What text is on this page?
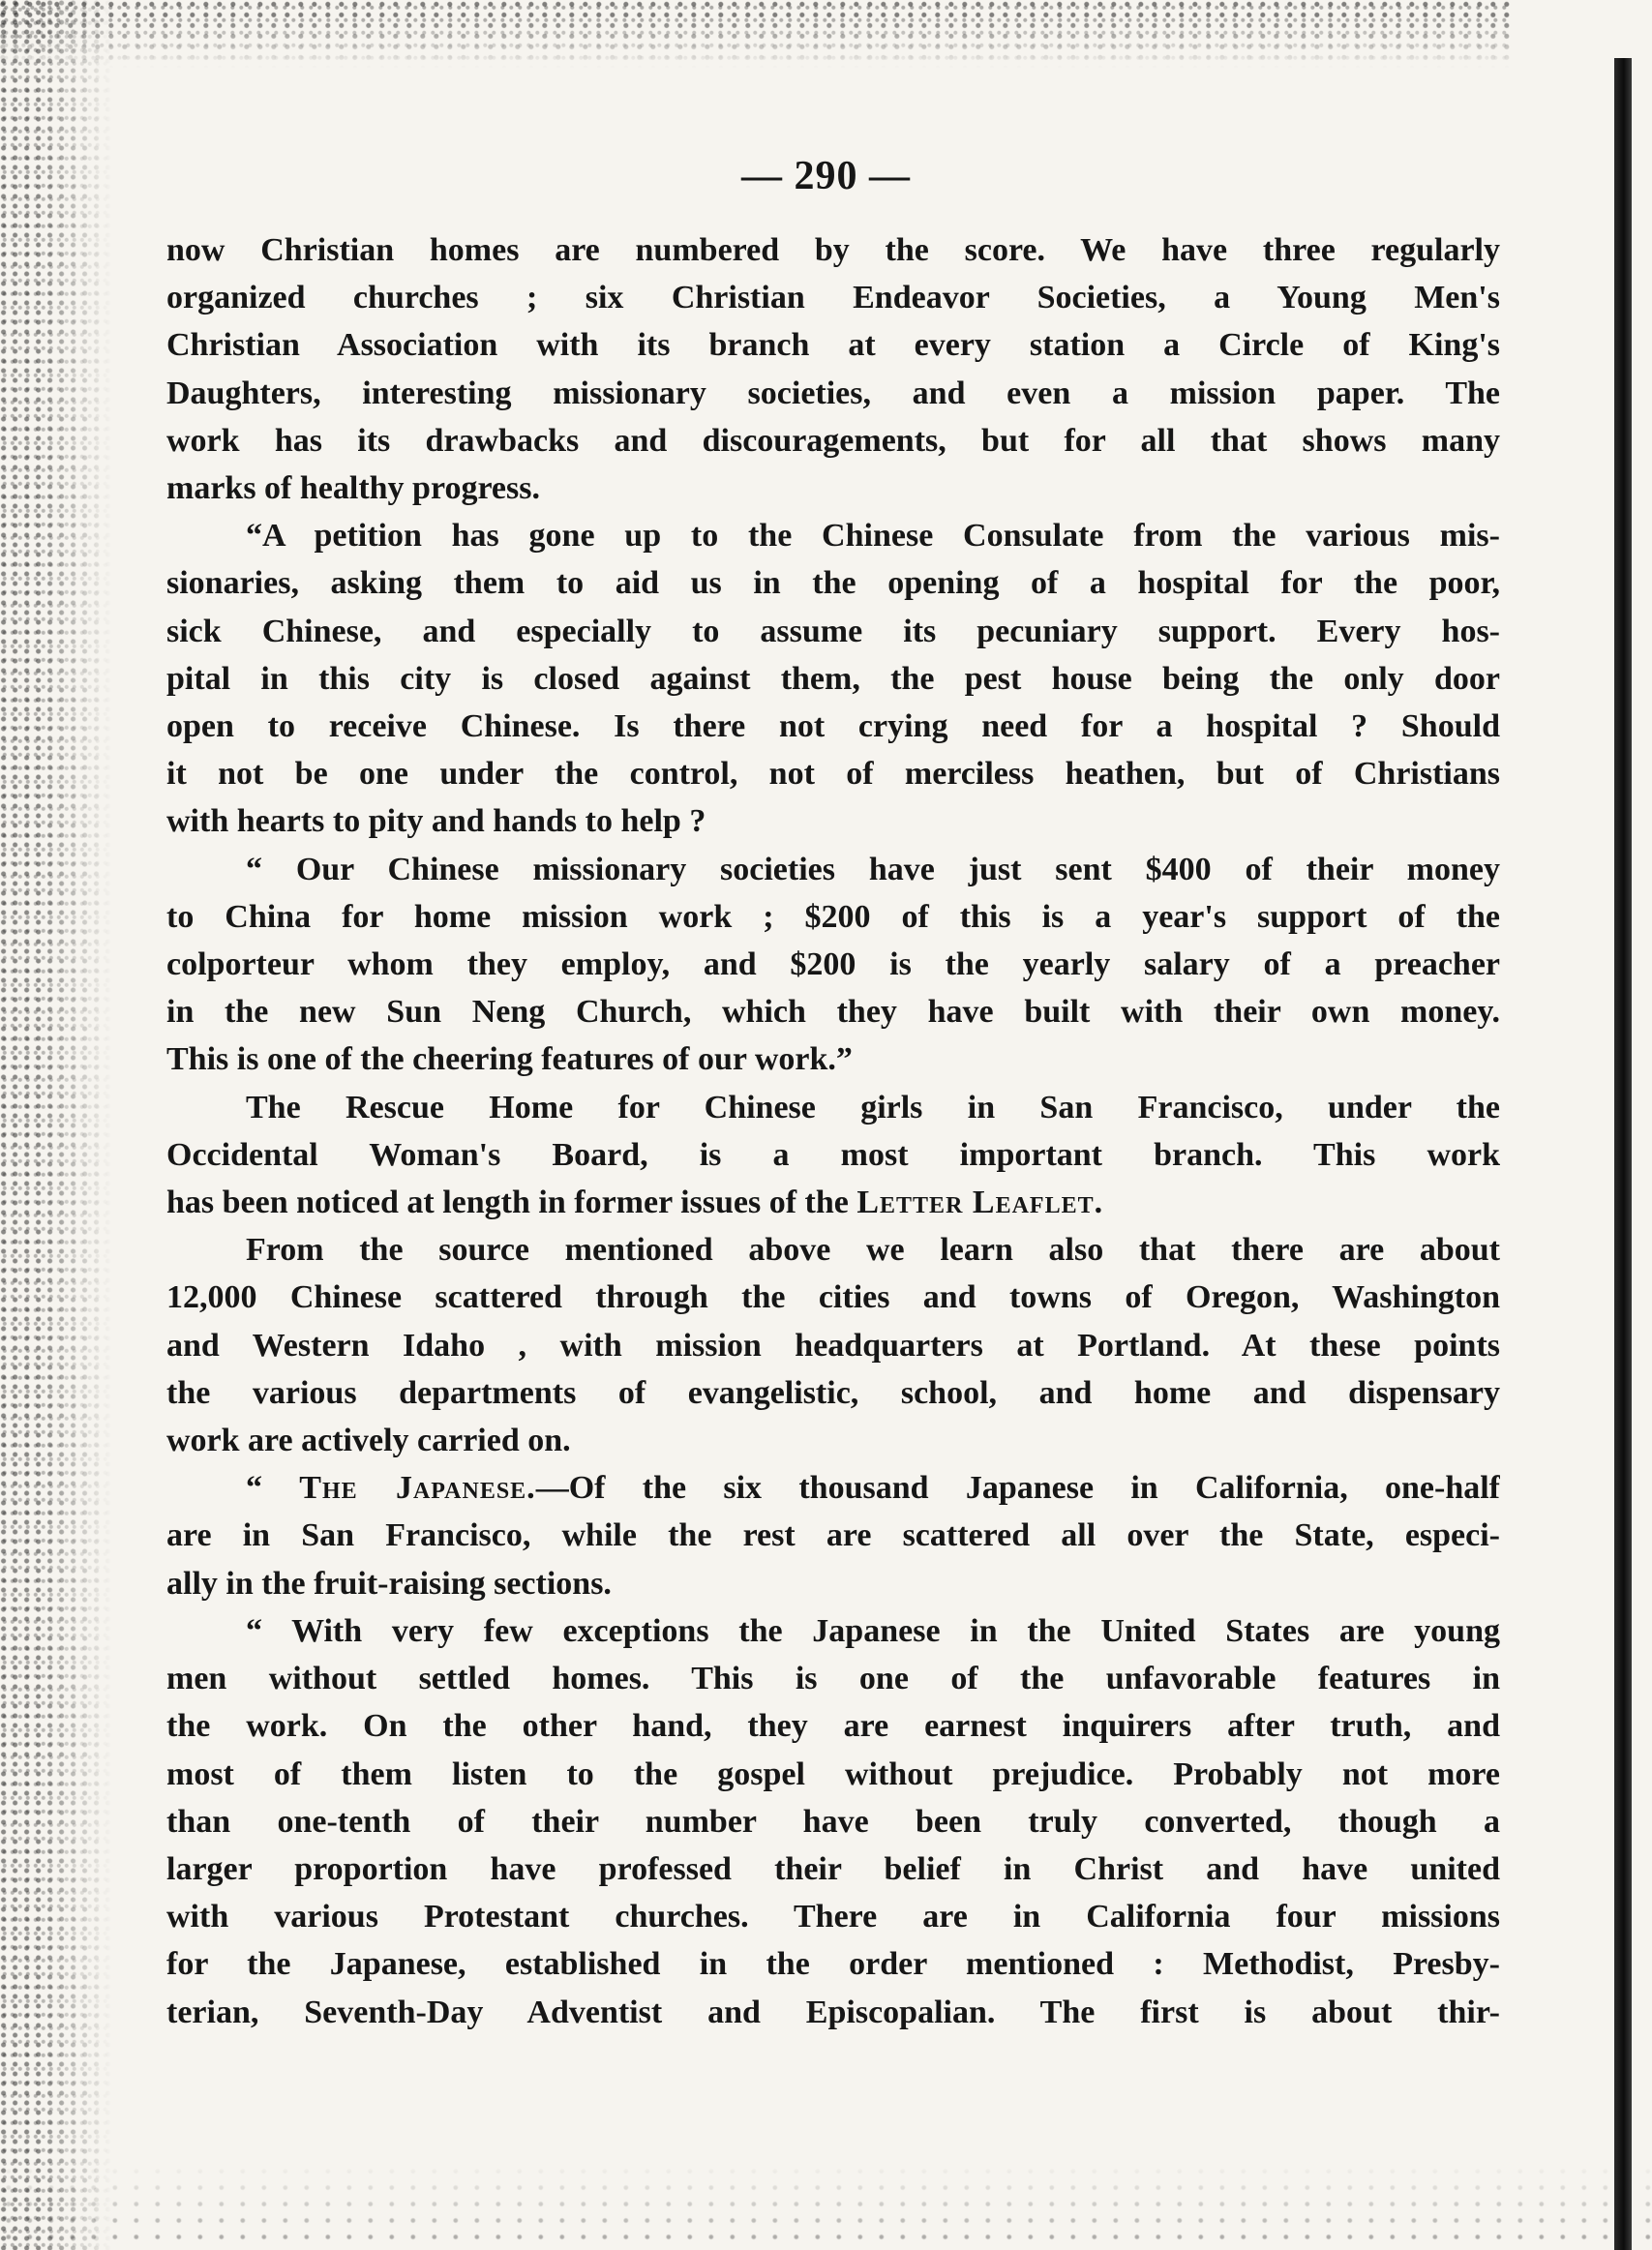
— 290 —
now Christian homes are numbered by the score. We have three regularly
organized churches ; six Christian Endeavor Societies, a Young Men's
Christian Association with its branch at every station a Circle of King's
Daughters, interesting missionary societies, and even a mission paper. The
work has its drawbacks and discouragements, but for all that shows many
marks of healthy progress.
“A petition has gone up to the Chinese Consulate from the various mis-
sionaries, asking them to aid us in the opening of a hospital for the poor,
sick Chinese, and especially to assume its pecuniary support. Every hos-
pital in this city is closed against them, the pest house being the only door
open to receive Chinese. Is there not crying need for a hospital ? Should
it not be one under the control, not of merciless heathen, but of Christians
with hearts to pity and hands to help ?
“ Our Chinese missionary societies have just sent $400 of their money
to China for home mission work ; $200 of this is a year's support of the
colporteur whom they employ, and $200 is the yearly salary of a preacher
in the new Sun Neng Church, which they have built with their own money.
This is one of the cheering features of our work.”
The Rescue Home for Chinese girls in San Francisco, under the
Occidental Woman's Board, is a most important branch. This work
has been noticed at length in former issues of the Letter Leaflet.
From the source mentioned above we learn also that there are about
12,000 Chinese scattered through the cities and towns of Oregon, Washington
and Western Idaho , with mission headquarters at Portland. At these points
the various departments of evangelistic, school, and home and dispensary
work are actively carried on.
“ The Japanese.—Of the six thousand Japanese in California, one-half
are in San Francisco, while the rest are scattered all over the State, especi-
ally in the fruit-raising sections.
“ With very few exceptions the Japanese in the United States are young
men without settled homes. This is one of the unfavorable features in
the work. On the other hand, they are earnest inquirers after truth, and
most of them listen to the gospel without prejudice. Probably not more
than one-tenth of their number have been truly converted, though a
larger proportion have professed their belief in Christ and have united
with various Protestant churches. There are in California four missions
for the Japanese, established in the order mentioned : Methodist, Presby-
terian, Seventh-Day Adventist and Episcopalian. The first is about thir-
